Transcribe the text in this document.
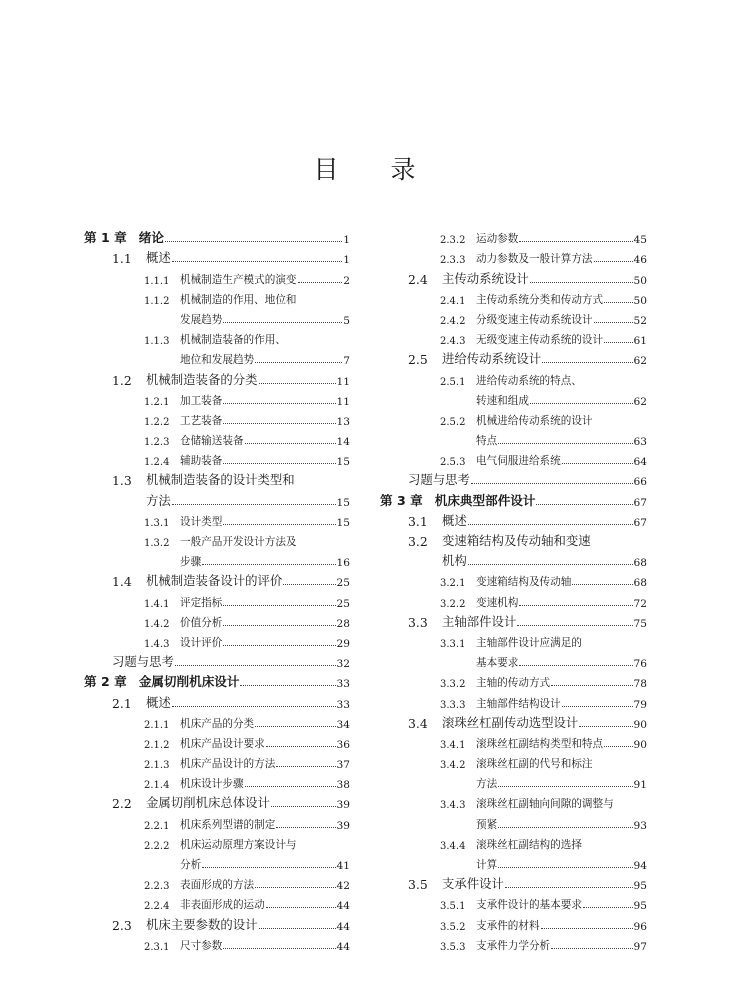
目 录
第 1 章 绪论	1
1.1	概述	1
1.1.1 机械制造生产模式的演变	2
1.1.2 机械制造的作用、地位和
发展趋势	5
1.1.3 机械制造装备的作用、
地位和发展趋势	7
1.2	机械制造装备的分类	11
1.2.1 加工装备	11
1.2.2 工艺装备	13
1.2.3 仓储输送装备	14
1.2.4 辅助装备	15
1.3	机械制造装备的设计类型和
方法	15
1.3.1 设计类型	15
1.3.2 一般产品开发设计方法及
步骤	16
1.4	机械制造装备设计的评价	25
1.4.1 评定指标	25
1.4.2 价值分析	28
1.4.3 设计评价	29
习题与思考	32
第 2 章 金属切削机床设计	33
2.1	概述	33
2.1.1 机床产品的分类	34
2.1.2 机床产品设计要求	36
2.1.3 机床产品设计的方法	37
2.1.4 机床设计步骤	38
2.2	金属切削机床总体设计	39
2.2.1 机床系列型谱的制定	39
2.2.2 机床运动原理方案设计与
分析	41
2.2.3 表面形成的方法	42
2.2.4 非表面形成的运动	44
2.3	机床主要参数的设计	44
2.3.1 尺寸参数	44
2.3.2 运动参数	45
2.3.3 动力参数及一般计算方法	46
2.4	主传动系统设计	50
2.4.1 主传动系统分类和传动方式	50
2.4.2 分级变速主传动系统设计	52
2.4.3 无级变速主传动系统的设计	61
2.5	进给传动系统设计	62
2.5.1 进给传动系统的特点、
转速和组成	62
2.5.2 机械进给传动系统的设计
特点	63
2.5.3 电气伺服进给系统	64
习题与思考	66
第 3 章 机床典型部件设计	67
3.1	概述	67
3.2	变速箱结构及传动轴和变速
机构	68
3.2.1 变速箱结构及传动轴	68
3.2.2 变速机构	72
3.3	主轴部件设计	75
3.3.1 主轴部件设计应满足的
基本要求	76
3.3.2 主轴的传动方式	78
3.3.3 主轴部件结构设计	79
3.4	滚珠丝杠副传动选型设计	90
3.4.1 滚珠丝杠副结构类型和特点	90
3.4.2 滚珠丝杠副的代号和标注
方法	91
3.4.3 滚珠丝杠副轴向间隙的调整与
预紧	93
3.4.4 滚珠丝杠副结构的选择
计算	94
3.5	支承件设计	95
3.5.1 支承件设计的基本要求	95
3.5.2 支承件的材料	96
3.5.3 支承件力学分析	97
